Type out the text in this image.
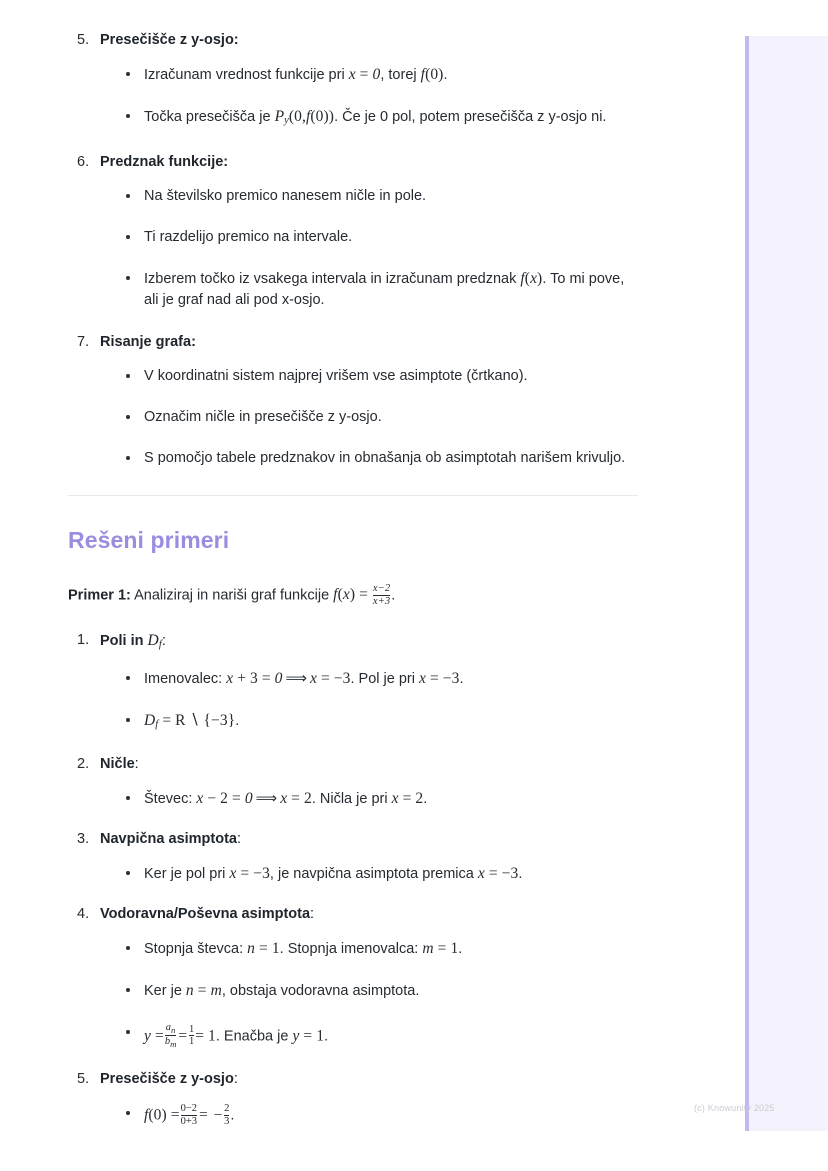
5. Presečišče z y-osjo:
Izračunam vrednost funkcije pri x = 0, torej f(0).
Točka presečišča je $P_y(0,f(0))$. Če je 0 pol, potem presečišča z y-osjo ni.
6. Predznak funkcije:
Na številsko premico nanesem ničle in pole.
Ti razdelijo premico na intervale.
Izberem točko iz vsakega intervala in izračunam predznak f(x). To mi pove, ali je graf nad ali pod x-osjo.
7. Risanje grafa:
V koordinatni sistem najprej vrišem vse asimptote (črtkano).
Označim ničle in presečišče z y-osjo.
S pomočjo tabele predznakov in obnašanja ob asimptotah narišem krivuljo.
Rešeni primeri

Primer 1: Analiziraj in nariši graf funkcije $f(x) = \frac{x-2}{x+3}$ .

1. Poli in $D_f$:
Imenovalec: x + 3 = 0 ⟹ x = −3. Pol je pri x = −3.
$D_f = R$ ∖ {−3}.
2. Ničle:
Števec: x − 2 = 0 ⟹ x = 2. Ničla je pri x = 2.
3. Navpična asimptota:
Ker je pol pri x = −3, je navpična asimptota premica x = −3.
4. Vodoravna/Poševna asimptota:
Stopnja števca: n = 1. Stopnja imenovalca: m = 1.
Ker je n = m, obstaja vodoravna asimptota.
$y = \frac{a_n}{b_m} = \frac{1}{1} = 1$. Enačba je y = 1.
5. Presečišče z y-osjo:
$f(0) = \frac{0-2}{0+3}$ = − $\frac{2}{3}$ .	(c) Knowunity 2025
